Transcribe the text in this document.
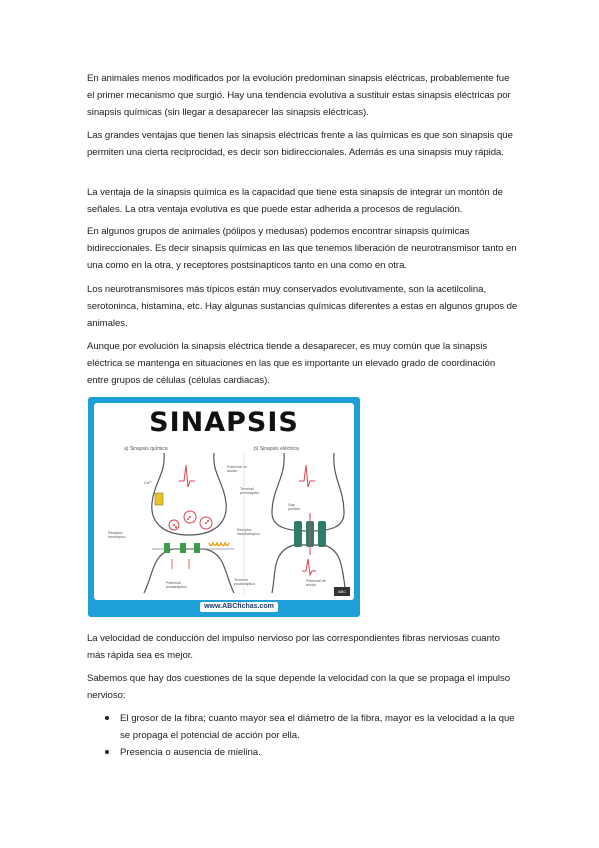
En animales menos modificados por la evolución predominan sinapsis eléctricas, probablemente fue el primer mecanismo que surgió. Hay una tendencia evolutiva a sustituir estas sinapsis eléctricas por sinapsis químicas (sin llegar a desaparecer las sinapsis eléctricas).

Las grandes ventajas que tienen las sinapsis eléctricas frente a las químicas es que son sinapsis que permiten una cierta reciprocidad, es decir son bidireccionales. Además es una sinapsis muy rápida.

La ventaja de la sinapsis química es la capacidad que tiene esta sinapsis de integrar un montón de señales. La otra ventaja evolutiva es que puede estar adherida a procesos de regulación.

En algunos grupos de animales (pólipos y medusas) podemos encontrar sinapsis químicas bidireccionales. Es decir sinapsis químicas en las que tenemos liberación de neurotransmisor tanto en una como en la otra, y receptores postsinapticos tanto en una como en otra.

Los neurotransmisores más típicos están muy conservados evolutivamente, son la acetilcolina, serotoninca, histamina, etc. Hay algunas sustancias químicas diferentes a estas en algunos grupos de animales.

Aunque por evolución la sinapsis eléctrica tiende a desaparecer, es muy común que la sinapsis eléctrica se mantenga en situaciones en las que es importante un elevado grado de coordinación entre grupos de células (células cardiacas).

SINAPSIS
a) Sinapsis química	b) Sinapsis eléctrica
Potencial de acción
Terminal presináptico
Receptor metabotrópico
Receptor ionotrópico
Terminal postsináptico
Potencial postsináptico
Gap junction
Potencial de acción
Ca²⁺
ABC
www.ABCfichas.com

La velocidad de conducción del impulso nervioso por las correspondientes fibras nerviosas cuanto más rápida sea es mejor.

Sabemos que hay dos cuestiones de la sque depende la velocidad con la que se propaga el impulso nervioso:

El grosor de la fibra; cuanto mayor sea el diámetro de la fibra, mayor es la velocidad a la que se propaga el potencial de acción por ella.
Presencia o ausencia de mielina.
